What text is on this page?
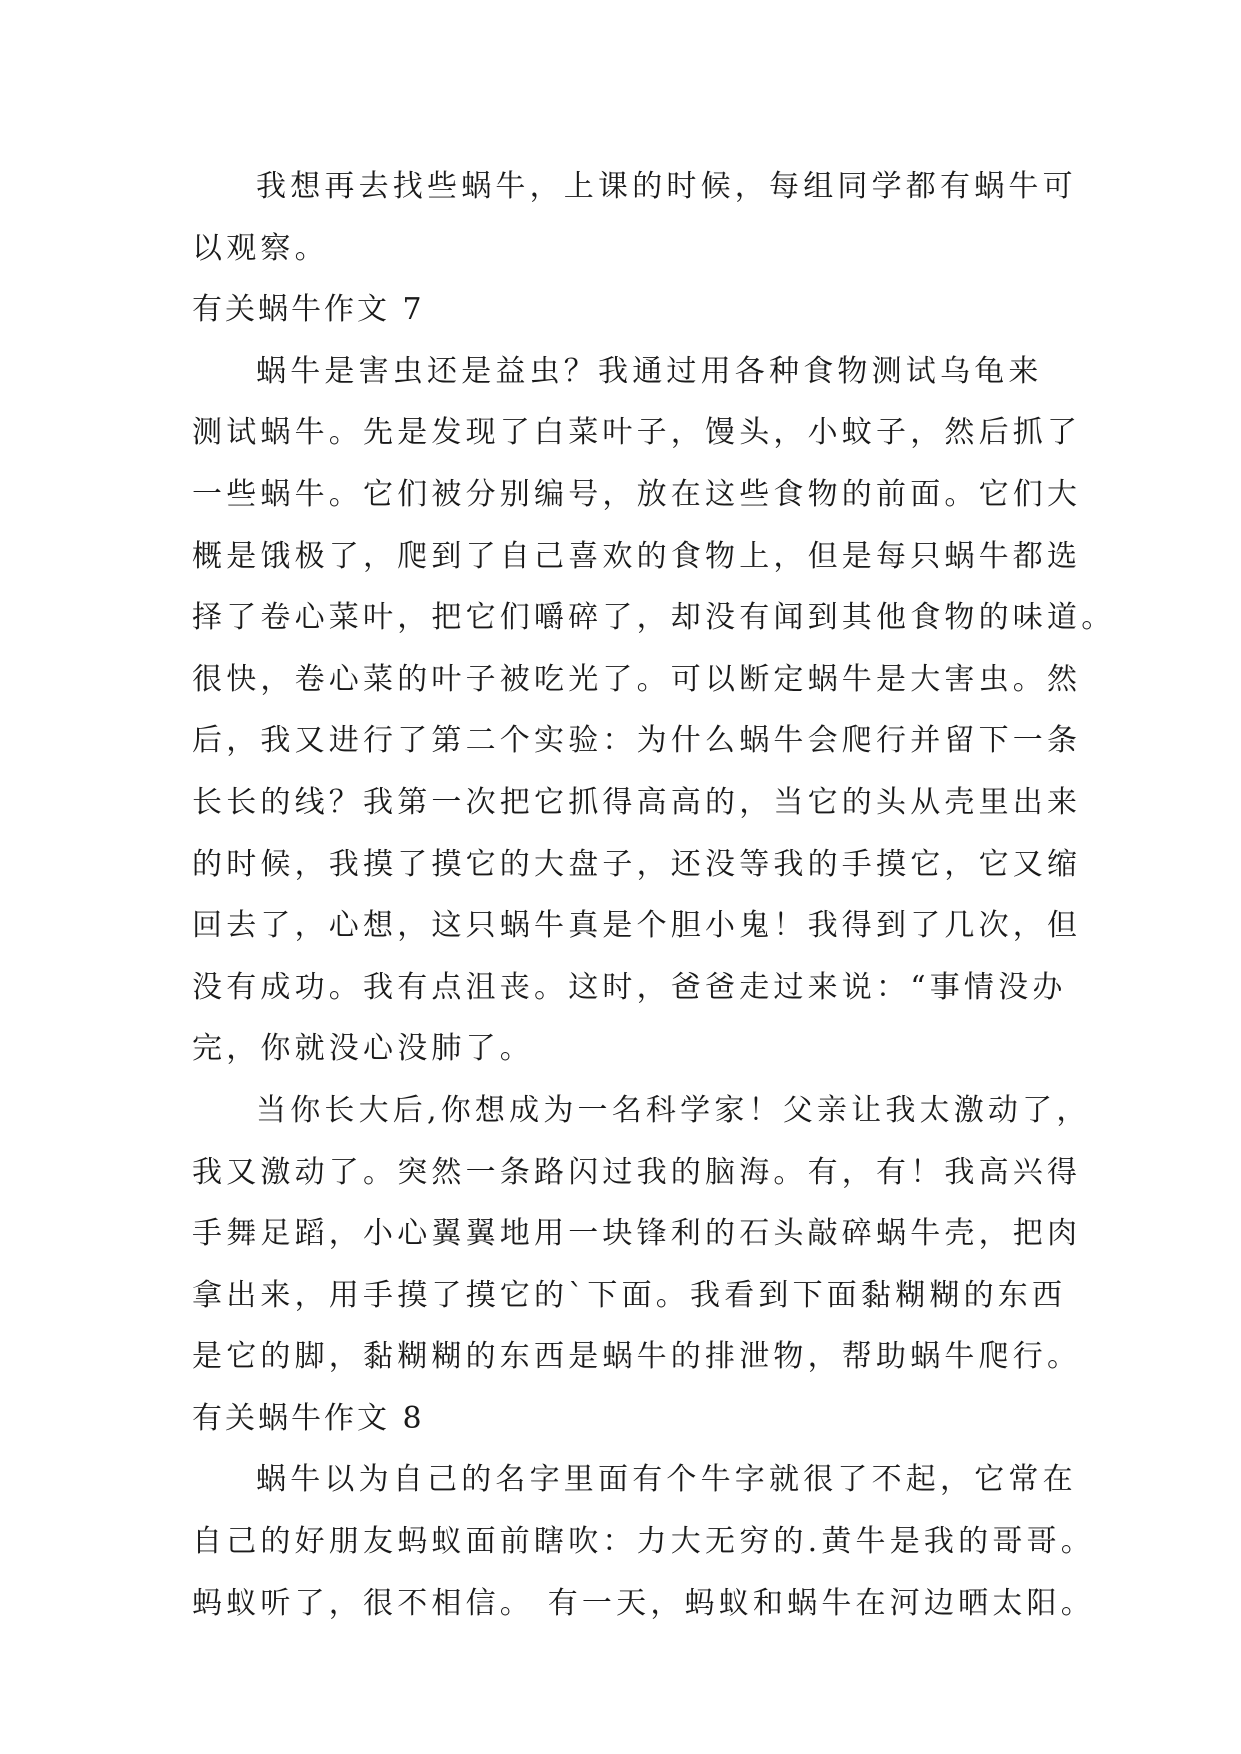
我想再去找些蜗牛，上课的时候，每组同学都有蜗牛可
以观察。
有关蜗牛作文 7
蜗牛是害虫还是益虫？我通过用各种食物测试乌龟来
测试蜗牛。先是发现了白菜叶子，馒头，小蚊子，然后抓了
一些蜗牛。它们被分别编号，放在这些食物的前面。它们大
概是饿极了，爬到了自己喜欢的食物上，但是每只蜗牛都选
择了卷心菜叶，把它们嚼碎了，却没有闻到其他食物的味道。
很快，卷心菜的叶子被吃光了。可以断定蜗牛是大害虫。然
后，我又进行了第二个实验：为什么蜗牛会爬行并留下一条
长长的线？我第一次把它抓得高高的，当它的头从壳里出来
的时候，我摸了摸它的大盘子，还没等我的手摸它，它又缩
回去了，心想，这只蜗牛真是个胆小鬼！我得到了几次，但
没有成功。我有点沮丧。这时，爸爸走过来说：“事情没办
完，你就没心没肺了。
当你长大后,你想成为一名科学家！父亲让我太激动了，
我又激动了。突然一条路闪过我的脑海。有，有！我高兴得
手舞足蹈，小心翼翼地用一块锋利的石头敲碎蜗牛壳，把肉
拿出来，用手摸了摸它的`下面。我看到下面黏糊糊的东西
是它的脚，黏糊糊的东西是蜗牛的排泄物，帮助蜗牛爬行。
有关蜗牛作文 8
蜗牛以为自己的名字里面有个牛字就很了不起，它常在
自己的好朋友蚂蚁面前瞎吹：力大无穷的.黄牛是我的哥哥。
蚂蚁听了，很不相信。 有一天，蚂蚁和蜗牛在河边晒太阳。
